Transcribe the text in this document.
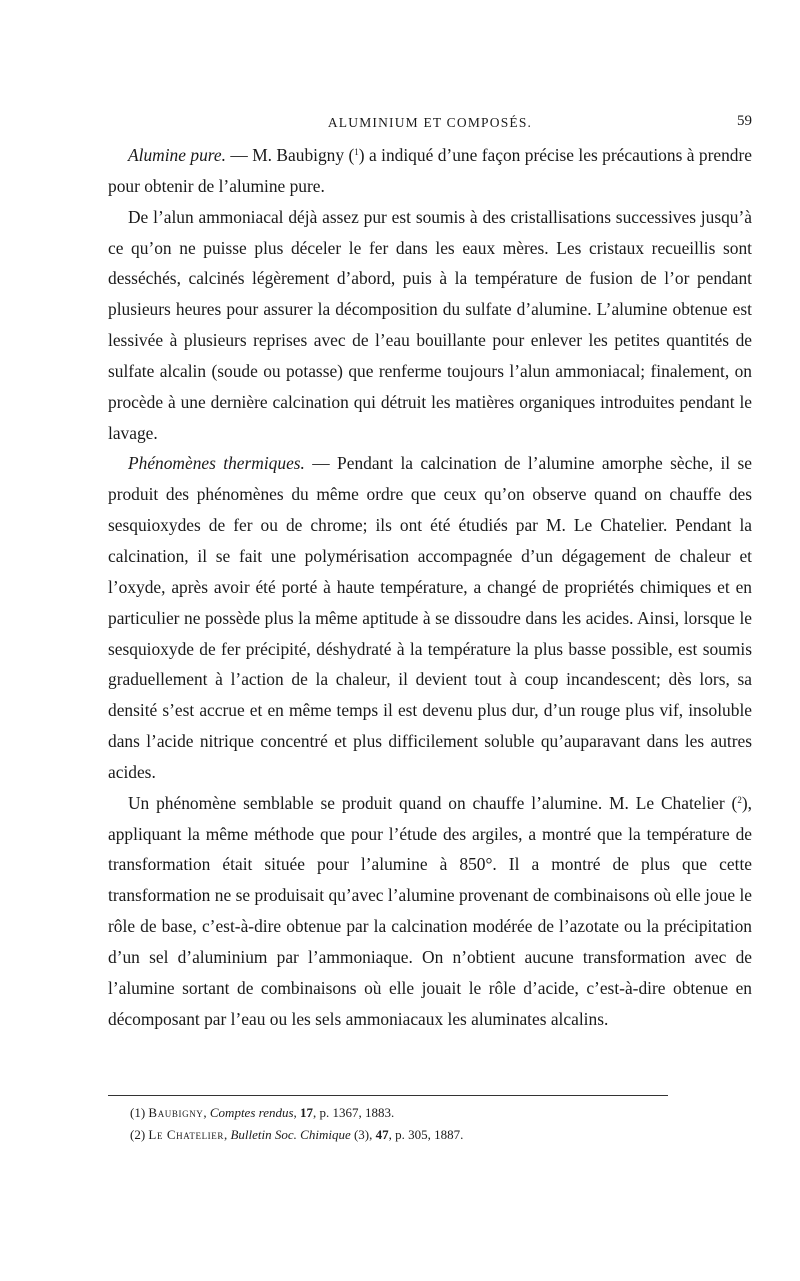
ALUMINIUM ET COMPOSÉS.	59

Alumine pure. — M. Baubigny ($^1$) a indiqué d’une façon précise les précautions à prendre pour obtenir de l’alumine pure.

De l’alun ammoniacal déjà assez pur est soumis à des cristallisations successives jusqu’à ce qu’on ne puisse plus déceler le fer dans les eaux mères. Les cristaux recueillis sont desséchés, calcinés légèrement d’abord, puis à la température de fusion de l’or pendant plusieurs heures pour assurer la décomposition du sulfate d’alumine. L’alumine obtenue est lessivée à plusieurs reprises avec de l’eau bouillante pour enlever les petites quantités de sulfate alcalin (soude ou potasse) que renferme toujours l’alun ammoniacal; finalement, on procède à une dernière calcination qui détruit les matières organiques introduites pendant le lavage.

Phénomènes thermiques. — Pendant la calcination de l’alumine amorphe sèche, il se produit des phénomènes du même ordre que ceux qu’on observe quand on chauffe des sesquioxydes de fer ou de chrome; ils ont été étudiés par M. Le Chatelier. Pendant la calcination, il se fait une polymérisation accompagnée d’un dégagement de chaleur et l’oxyde, après avoir été porté à haute température, a changé de propriétés chimiques et en particulier ne possède plus la même aptitude à se dissoudre dans les acides. Ainsi, lorsque le sesquioxyde de fer précipité, déshydraté à la température la plus basse possible, est soumis graduellement à l’action de la chaleur, il devient tout à coup incandescent; dès lors, sa densité s’est accrue et en même temps il est devenu plus dur, d’un rouge plus vif, insoluble dans l’acide nitrique concentré et plus difficilement soluble qu’auparavant dans les autres acides.

Un phénomène semblable se produit quand on chauffe l’alumine. M. Le Chatelier ($^2$), appliquant la même méthode que pour l’étude des argiles, a montré que la température de transformation était située pour l’alumine à 850°. Il a montré de plus que cette transformation ne se produisait qu’avec l’alumine provenant de combinaisons où elle joue le rôle de base, c’est-à-dire obtenue par la calcination modérée de l’azotate ou la précipitation d’un sel d’aluminium par l’ammoniaque. On n’obtient aucune transformation avec de l’alumine sortant de combinaisons où elle jouait le rôle d’acide, c’est-à-dire obtenue en décomposant par l’eau ou les sels ammoniacaux les aluminates alcalins.

(1) Baubigny, Comptes rendus, 17, p. 1367, 1883.
(2) Le Chatelier, Bulletin Soc. Chimique (3), 47, p. 305, 1887.
